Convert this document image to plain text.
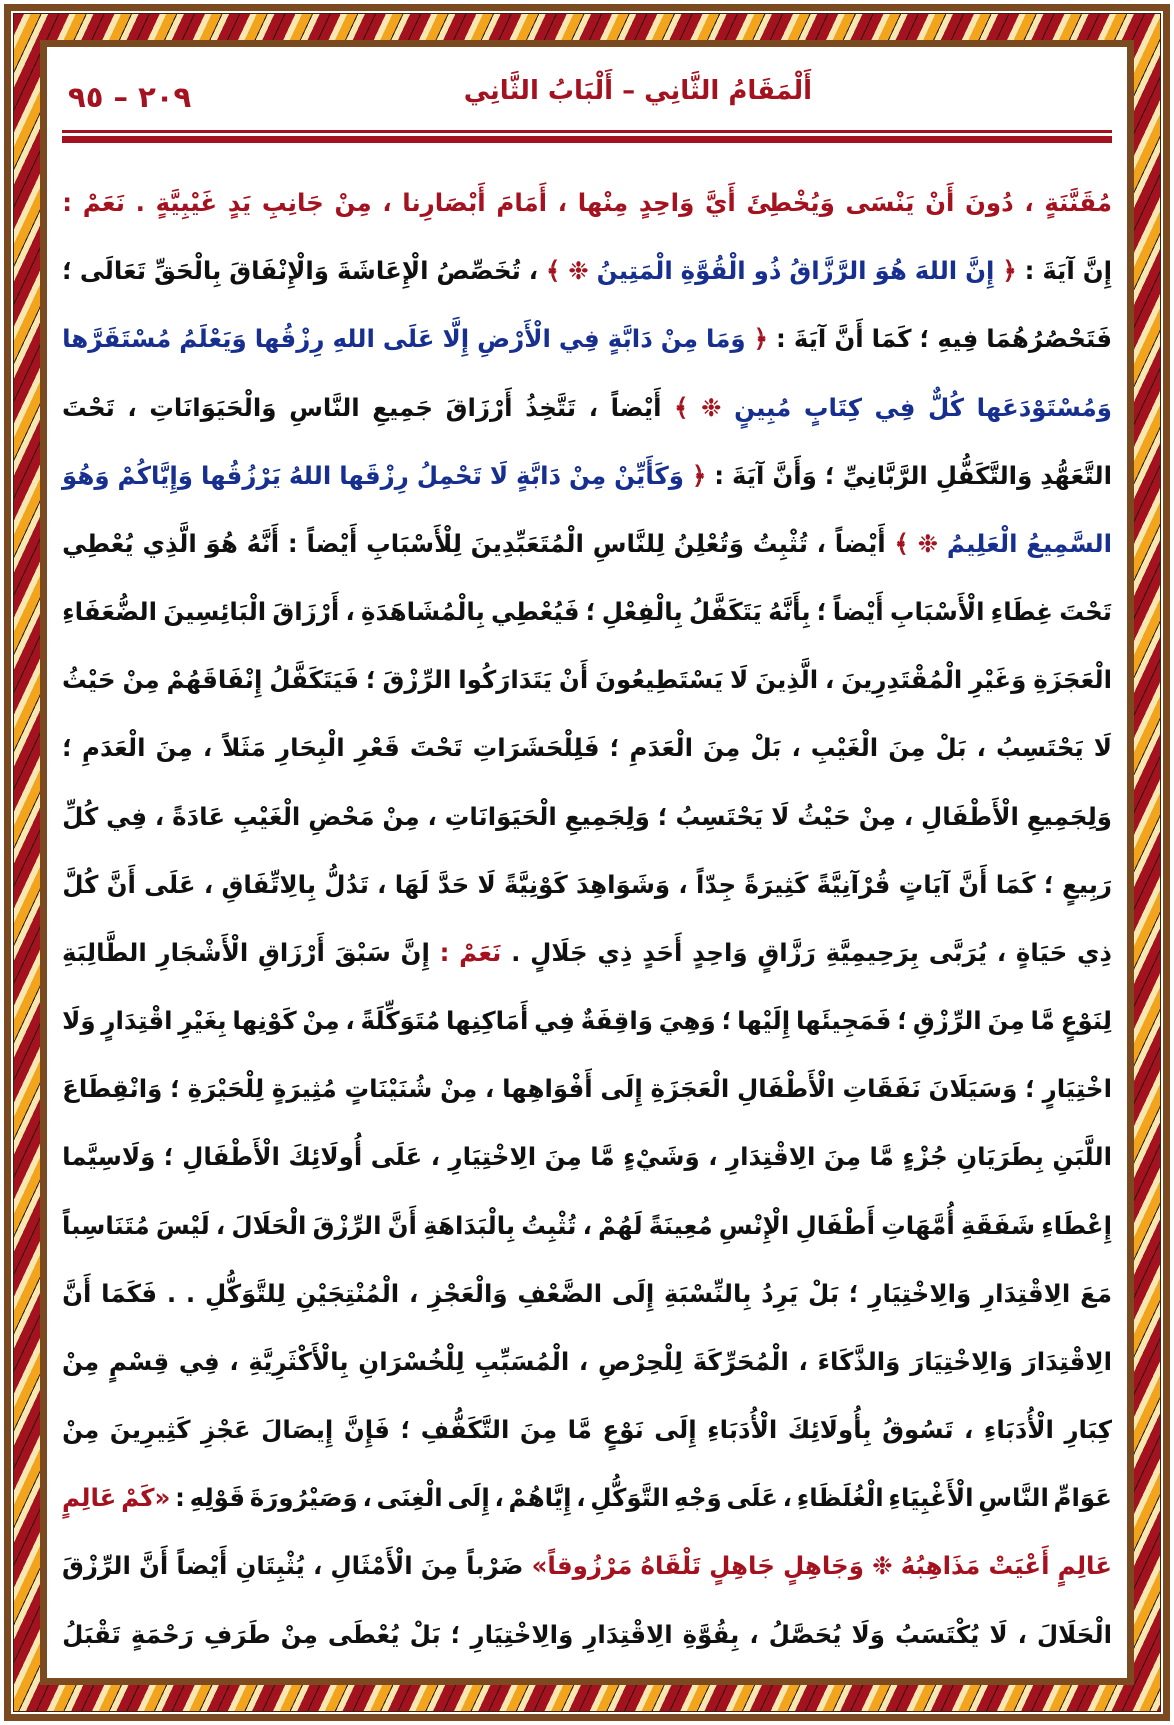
٢٠٩ – ٩٥	أَلْمَقَامُ الثَّانِي – أَلْبَابُ الثَّانِي
مُقَنَّنَةٍ
،
دُونَ
أَنْ
يَنْسَى
وَيُخْطِئَ
أَيَّ
وَاحِدٍ
مِنْها
،
أَمَامَ
أَبْصَارِنا
،
مِنْ
جَانِبِ
يَدٍ
غَيْبِيَّةٍ
.
نَعَمْ
:
إِنَّ
آيَةَ
:
﴿
إِنَّ
اللهَ
هُوَ
الرَّزَّاقُ
ذُو
الْقُوَّةِ
الْمَتِينُ
❉
﴾
،
تُخَصِّصُ
الْإِعَاشَةَ
وَالْإِنْفَاقَ
بِالْحَقِّ
تَعَالَى
؛
فَتَحْصُرُهُمَا
فِيهِ
؛
كَمَا
أَنَّ
آيَةَ
:
﴿
وَمَا
مِنْ
دَابَّةٍ
فِي
الْأَرْضِ
إِلَّا
عَلَى
اللهِ
رِزْقُها
وَيَعْلَمُ
مُسْتَقَرَّها
وَمُسْتَوْدَعَها
كُلٌّ
فِي
كِتَابٍ
مُبِينٍ
❉
﴾
أَيْضاً
،
تَتَّخِذُ
أَرْزَاقَ
جَمِيعِ
النَّاسِ
وَالْحَيَوَانَاتِ
،
تَحْتَ
التَّعَهُّدِ
وَالتَّكَفُّلِ
الرَّبَّانِيِّ
؛
وَأَنَّ
آيَةَ
:
﴿
وَكَأَيِّنْ
مِنْ
دَابَّةٍ
لَا
تَحْمِلُ
رِزْقَها
اللهُ
يَرْزُقُها
وَإِيَّاكُمْ
وَهُوَ
السَّمِيعُ
الْعَلِيمُ
❉
﴾
أَيْضاً
،
تُثْبِتُ
وَتُعْلِنُ
لِلنَّاسِ
الْمُتَعَبِّدِينَ
لِلْأَسْبَابِ
أَيْضاً
:
أَنَّهُ
هُوَ
الَّذِي
يُعْطِي
تَحْتَ
غِطَاءِ
الْأَسْبَابِ
أَيْضاً
؛
بِأَنَّهُ
يَتَكَفَّلُ
بِالْفِعْلِ
؛
فَيُعْطِي
بِالْمُشَاهَدَةِ
،
أَرْزَاقَ
الْبَائِسِينَ
الضُّعَفَاءِ
الْعَجَزَةِ
وَغَيْرِ
الْمُقْتَدِرِينَ
،
الَّذِينَ
لَا
يَسْتَطِيعُونَ
أَنْ
يَتَدَارَكُوا
الرِّزْقَ
؛
فَيَتَكَفَّلُ
إِنْفَاقَهُمْ
مِنْ
حَيْثُ
لَا
يَحْتَسِبُ
،
بَلْ
مِنَ
الْغَيْبِ
،
بَلْ
مِنَ
الْعَدَمِ
؛
فَلِلْحَشَرَاتِ
تَحْتَ
قَعْرِ
الْبِحَارِ
مَثَلاً
،
مِنَ
الْعَدَمِ
؛
وَلِجَمِيعِ
الْأَطْفَالِ
،
مِنْ
حَيْثُ
لَا
يَحْتَسِبُ
؛
وَلِجَمِيعِ
الْحَيَوَانَاتِ
،
مِنْ
مَحْضِ
الْغَيْبِ
عَادَةً
،
فِي
كُلِّ
رَبِيعٍ
؛
كَمَا
أَنَّ
آيَاتٍ
قُرْآنِيَّةً
كَثِيرَةً
جِدّاً
،
وَشَوَاهِدَ
كَوْنِيَّةً
لَا
حَدَّ
لَهَا
،
تَدُلُّ
بِالِاتِّفَاقِ
،
عَلَى
أَنَّ
كُلَّ
ذِي
حَيَاةٍ
،
يُرَبَّى
بِرَحِيمِيَّةِ
رَزَّاقٍ
وَاحِدٍ
أَحَدٍ
ذِي
جَلَالٍ
.
نَعَمْ
:
إِنَّ
سَبْقَ
أَرْزَاقِ
الْأَشْجَارِ
الطَّالِبَةِ
لِنَوْعٍ
مَّا
مِنَ
الرِّزْقِ
؛
فَمَجِيئَها
إِلَيْها
؛
وَهِيَ
وَاقِفَةٌ
فِي
أَمَاكِنِها
مُتَوَكِّلَةً
،
مِنْ
كَوْنِها
بِغَيْرِ
اقْتِدَارٍ
وَلَا
اخْتِيَارٍ
؛
وَسَيَلَانَ
نَفَقَاتِ
الْأَطْفَالِ
الْعَجَزَةِ
إِلَى
أَفْوَاهِها
،
مِنْ
شُنَيْنَاتٍ
مُثِيرَةٍ
لِلْحَيْرَةِ
؛
وَانْقِطَاعَ
اللَّبَنِ
بِطَرَيَانِ
جُزْءٍ
مَّا
مِنَ
الِاقْتِدَارِ
،
وَشَيْءٍ
مَّا
مِنَ
الِاخْتِيَارِ
،
عَلَى
أُولَائِكَ
الْأَطْفَالِ
؛
وَلَاسِيَّما
إِعْطَاءِ
شَفَقَةِ
أُمَّهَاتِ
أَطْفَالِ
الْإِنْسِ
مُعِينَةً
لَهُمْ
،
تُثْبِتُ
بِالْبَدَاهَةِ
أَنَّ
الرِّزْقَ
الْحَلَالَ
،
لَيْسَ
مُتَنَاسِباً
مَعَ
الِاقْتِدَارِ
وَالِاخْتِيَارِ
؛
بَلْ
يَرِدُ
بِالنِّسْبَةِ
إِلَى
الضَّعْفِ
وَالْعَجْزِ
،
الْمُنْتِجَيْنِ
لِلتَّوَكُّلِ
.
.
فَكَمَا
أَنَّ
الِاقْتِدَارَ
وَالِاخْتِيَارَ
وَالذَّكَاءَ
،
الْمُحَرِّكَةَ
لِلْحِرْصِ
،
الْمُسَبِّبِ
لِلْخُسْرَانِ
بِالْأَكْثَرِيَّةِ
،
فِي
قِسْمٍ
مِنْ
كِبَارِ
الْأُدَبَاءِ
،
تَسُوقُ
بِأُولَائِكَ
الْأُدَبَاءِ
إِلَى
نَوْعٍ
مَّا
مِنَ
التَّكَفُّفِ
؛
فَإِنَّ
إِيصَالَ
عَجْزِ
كَثِيرِينَ
مِنْ
عَوَامِّ
النَّاسِ
الْأَغْبِيَاءِ
الْغُلَظَاءِ
،
عَلَى
وَجْهِ
التَّوَكُّلِ
،
إِيَّاهُمْ
،
إِلَى
الْغِنَى
،
وَصَيْرُورَةَ
قَوْلِهِ
:
«كَمْ
عَالِمٍ
عَالِمٍ
أَعْيَتْ
مَذَاهِبُهُ
❉
وَجَاهِلٍ
جَاهِلٍ
تَلْقَاهُ
مَرْزُوقاً»
ضَرْباً
مِنَ
الْأَمْثَالِ
،
يُثْبِتَانِ
أَيْضاً
أَنَّ
الرِّزْقَ
الْحَلَالَ
،
لَا
يُكْتَسَبُ
وَلَا
يُحَصَّلُ
،
بِقُوَّةِ
الِاقْتِدَارِ
وَالِاخْتِيَارِ
؛
بَلْ
يُعْطَى
مِنْ
طَرَفِ
رَحْمَةٍ
تَقْبَلُ
